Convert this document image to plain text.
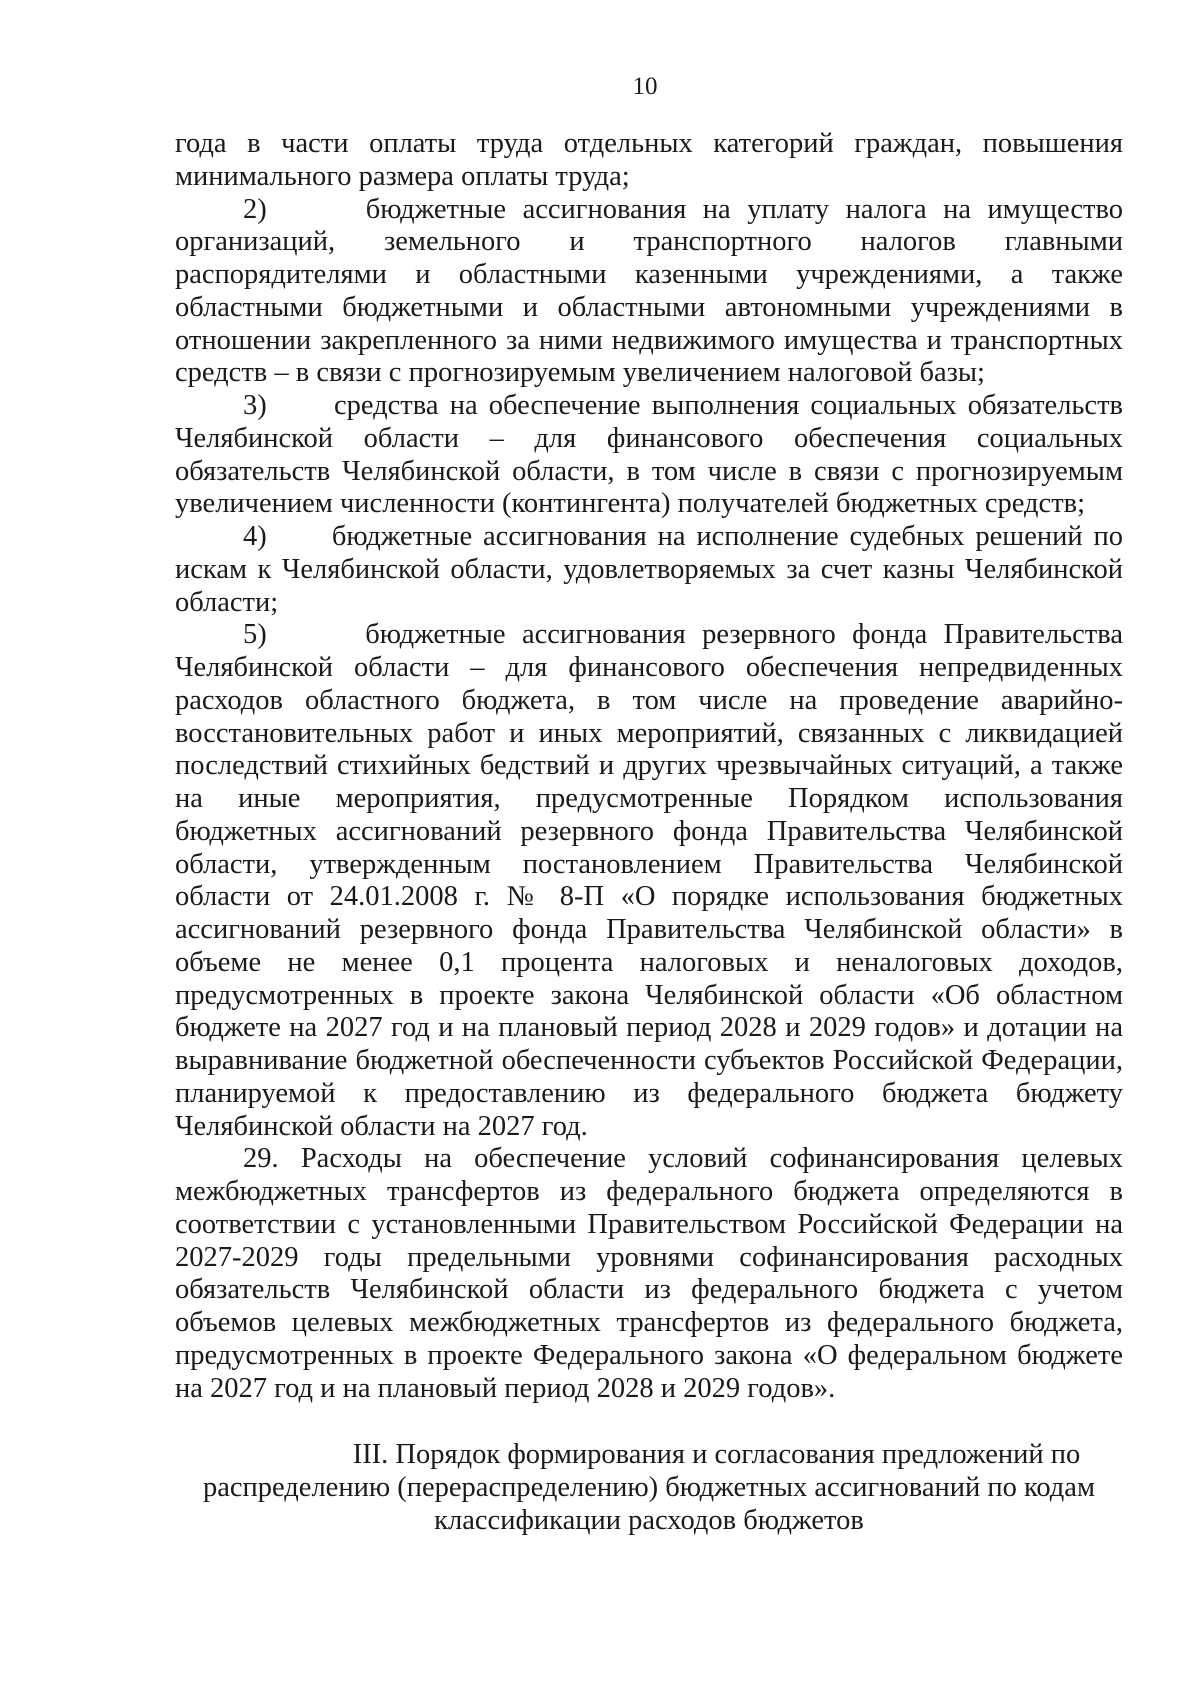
10

года в части оплаты труда отдельных категорий граждан, повышения минимального размера оплаты труда;

2)      бюджетные ассигнования на уплату налога на имущество организаций, земельного и транспортного налогов главными распорядителями и областными казенными учреждениями, а также областными бюджетными и областными автономными учреждениями в отношении закрепленного за ними недвижимого имущества и транспортных средств – в связи с прогнозируемым увеличением налоговой базы;

3)      средства на обеспечение выполнения социальных обязательств Челябинской области – для финансового обеспечения социальных обязательств Челябинской области, в том числе в связи с прогнозируемым увеличением численности (контингента) получателей бюджетных средств;

4)      бюджетные ассигнования на исполнение судебных решений по искам к Челябинской области, удовлетворяемых за счет казны Челябинской области;

5)      бюджетные ассигнования резервного фонда Правительства Челябинской области – для финансового обеспечения непредвиденных расходов областного бюджета, в том числе на проведение аварийно-восстановительных работ и иных мероприятий, связанных с ликвидацией последствий стихийных бедствий и других чрезвычайных ситуаций, а также на иные мероприятия, предусмотренные Порядком использования бюджетных ассигнований резервного фонда Правительства Челябинской области, утвержденным постановлением Правительства Челябинской области от 24.01.2008 г. № 8-П «О порядке использования бюджетных ассигнований резервного фонда Правительства Челябинской области» в объеме не менее 0,1 процента налоговых и неналоговых доходов, предусмотренных в проекте закона Челябинской области «Об областном бюджете на 2027 год и на плановый период 2028 и 2029 годов» и дотации на выравнивание бюджетной обеспеченности субъектов Российской Федерации, планируемой к предоставлению из федерального бюджета бюджету Челябинской области на 2027 год.

29. Расходы на обеспечение условий софинансирования целевых межбюджетных трансфертов из федерального бюджета определяются в соответствии с установленными Правительством Российской Федерации на 2027-2029 годы предельными уровнями софинансирования расходных обязательств Челябинской области из федерального бюджета с учетом объемов целевых межбюджетных трансфертов из федерального бюджета, предусмотренных в проекте Федерального закона «О федеральном бюджете на 2027 год и на плановый период 2028 и 2029 годов».

III. Порядок формирования и согласования предложений по
распределению (перераспределению) бюджетных ассигнований по кодам
классификации расходов бюджетов
